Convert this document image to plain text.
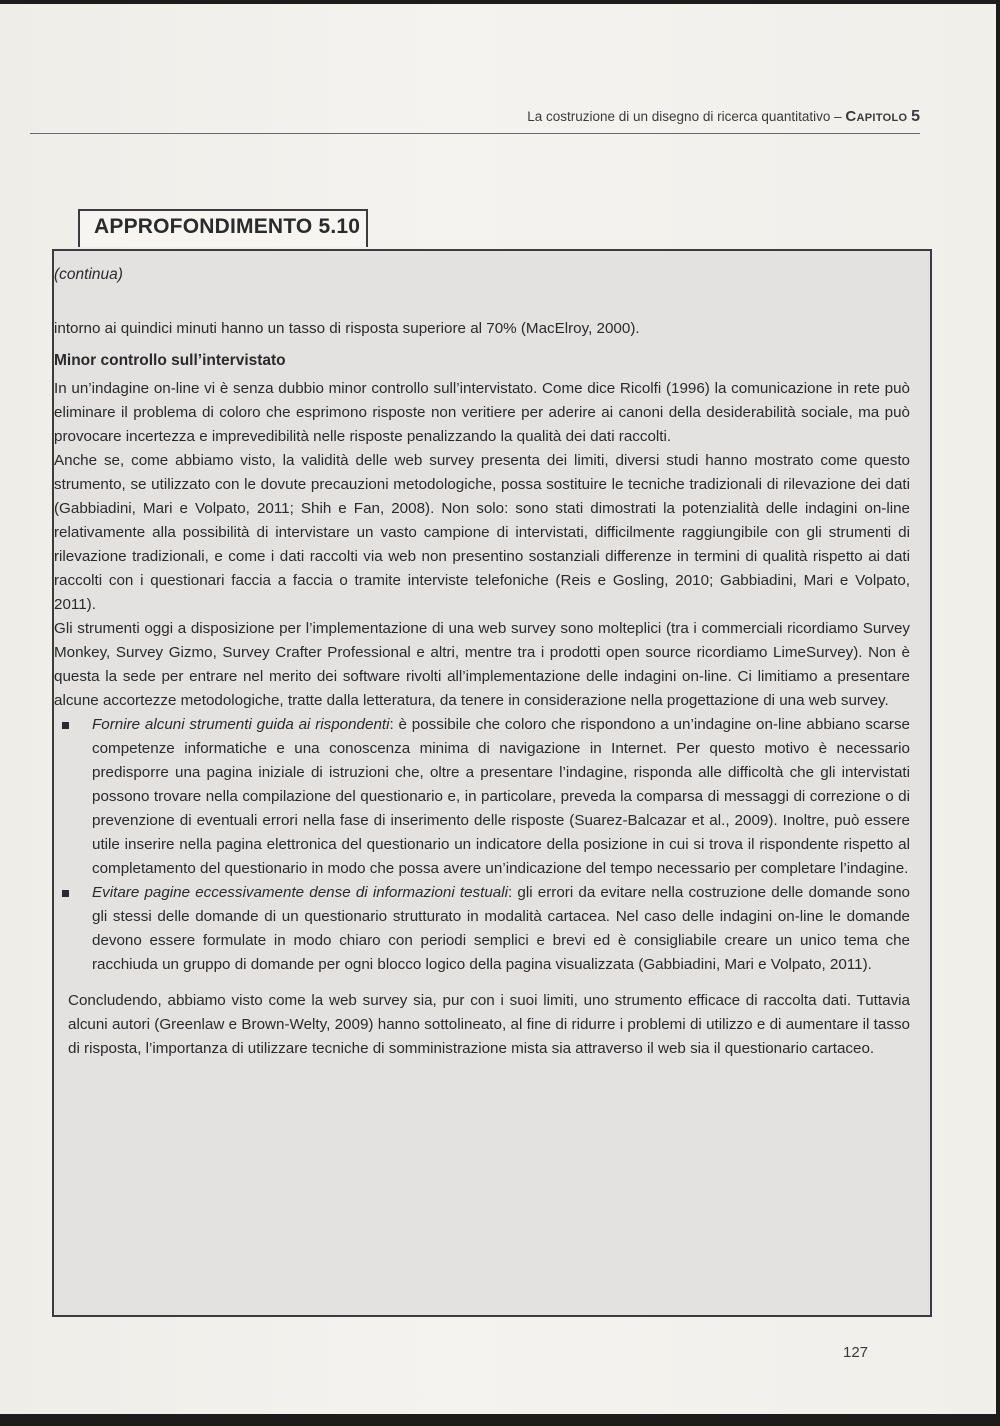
La costruzione di un disegno di ricerca quantitativo – Capitolo 5
APPROFONDIMENTO 5.10
(continua)

intorno ai quindici minuti hanno un tasso di risposta superiore al 70% (MacElroy, 2000).

Minor controllo sull’intervistato

In un’indagine on-line vi è senza dubbio minor controllo sull’intervistato. Come dice Ricolfi (1996) la comunicazione in rete può eliminare il problema di coloro che esprimono risposte non veritiere per aderire ai canoni della desiderabilità sociale, ma può provocare incertezza e imprevedibilità nelle risposte penalizzando la qualità dei dati raccolti.

Anche se, come abbiamo visto, la validità delle web survey presenta dei limiti, diversi studi hanno mostrato come questo strumento, se utilizzato con le dovute precauzioni metodologiche, possa sostituire le tecniche tradizionali di rilevazione dei dati (Gabbiadini, Mari e Volpato, 2011; Shih e Fan, 2008). Non solo: sono stati dimostrati la potenzialità delle indagini on-line relativamente alla possibilità di intervistare un vasto campione di intervistati, difficilmente raggiungibile con gli strumenti di rilevazione tradizionali, e come i dati raccolti via web non presentino sostanziali differenze in termini di qualità rispetto ai dati raccolti con i questionari faccia a faccia o tramite interviste telefoniche (Reis e Gosling, 2010; Gabbiadini, Mari e Volpato, 2011).

Gli strumenti oggi a disposizione per l’implementazione di una web survey sono molteplici (tra i commerciali ricordiamo Survey Monkey, Survey Gizmo, Survey Crafter Professional e altri, mentre tra i prodotti open source ricordiamo LimeSurvey). Non è questa la sede per entrare nel merito dei software rivolti all’implementazione delle indagini on-line. Ci limitiamo a presentare alcune accortezze metodologiche, tratte dalla letteratura, da tenere in considerazione nella progettazione di una web survey.

Fornire alcuni strumenti guida ai rispondenti: è possibile che coloro che rispondono a un’indagine on-line abbiano scarse competenze informatiche e una conoscenza minima di navigazione in Internet. Per questo motivo è necessario predisporre una pagina iniziale di istruzioni che, oltre a presentare l’indagine, risponda alle difficoltà che gli intervistati possono trovare nella compilazione del questionario e, in particolare, preveda la comparsa di messaggi di correzione o di prevenzione di eventuali errori nella fase di inserimento delle risposte (Suarez-Balcazar et al., 2009). Inoltre, può essere utile inserire nella pagina elettronica del questionario un indicatore della posizione in cui si trova il rispondente rispetto al completamento del questionario in modo che possa avere un’indicazione del tempo necessario per completare l’indagine.
Evitare pagine eccessivamente dense di informazioni testuali: gli errori da evitare nella costruzione delle domande sono gli stessi delle domande di un questionario strutturato in modalità cartacea. Nel caso delle indagini on-line le domande devono essere formulate in modo chiaro con periodi semplici e brevi ed è consigliabile creare un unico tema che racchiuda un gruppo di domande per ogni blocco logico della pagina visualizzata (Gabbiadini, Mari e Volpato, 2011).

Concludendo, abbiamo visto come la web survey sia, pur con i suoi limiti, uno strumento efficace di raccolta dati. Tuttavia alcuni autori (Greenlaw e Brown-Welty, 2009) hanno sottolineato, al fine di ridurre i problemi di utilizzo e di aumentare il tasso di risposta, l’importanza di utilizzare tecniche di somministrazione mista sia attraverso il web sia il questionario cartaceo.

127
